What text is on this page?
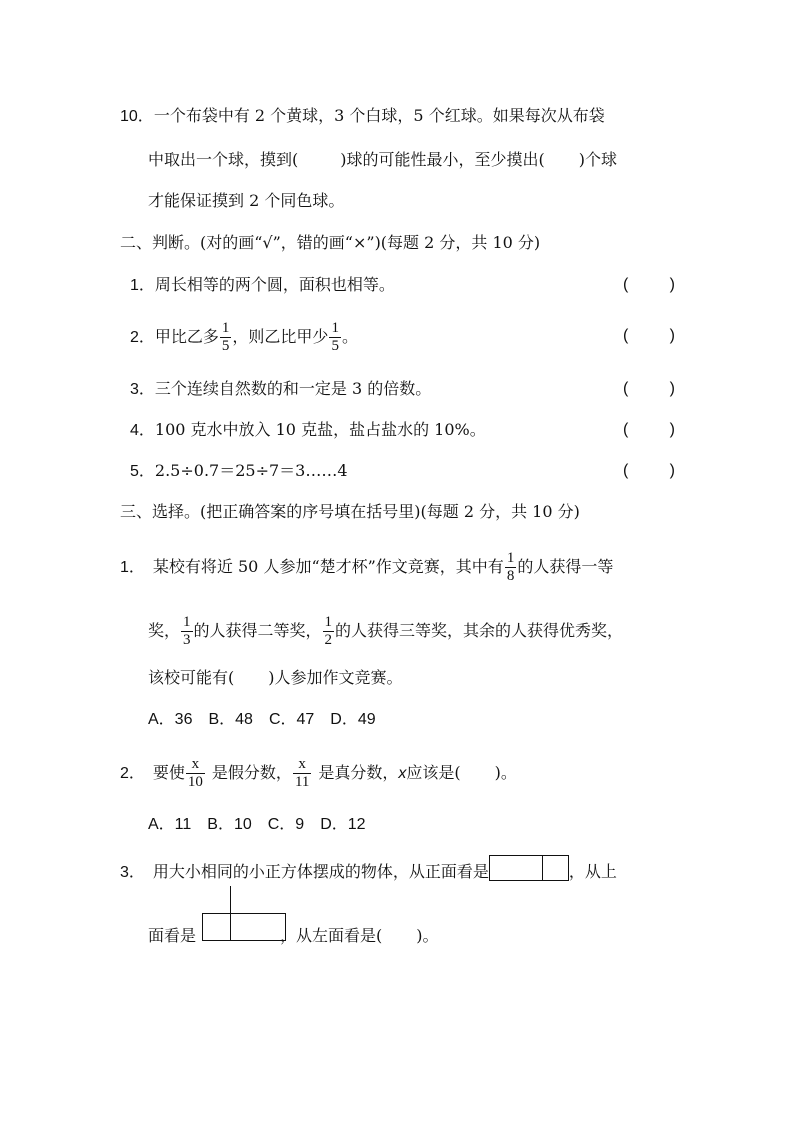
10．一个布袋中有 2 个黄球，3 个白球，5 个红球。如果每次从布袋
中取出一个球，摸到(	)球的可能性最小，至少摸出( )个球
才能保证摸到 2 个同色球。
二、判断。(对的画“√”，错的画“×”)(每题 2 分，共 10 分)
1．周长相等的两个圆，面积也相等。	(	)
2．甲比乙多 $\frac{1}{5}$ ，则乙比甲少 $\frac{1}{5}$ 。	(	)
3．三个连续自然数的和一定是 3 的倍数。	(	)
4．100 克水中放入 10 克盐，盐占盐水的 10%。	(	)
5．2.5÷0.7＝25÷7＝3……4	(	)
三、选择。(把正确答案的序号填在括号里)(每题 2 分，共 10 分)
1． 某校有将近 50 人参加“楚才杯”作文竞赛，其中有 $\frac{1}{8}$ 的人获得一等
奖， $\frac{1}{3}$ 的人获得二等奖， $\frac{1}{2}$ 的人获得三等奖，其余的人获得优秀奖，
该校可能有( )人参加作文竞赛。
A．36　B．48　C．47　D．49
2． 要使 $\frac{x}{10}$ 是假分数， $\frac{x}{11}$ 是真分数，x应该是( )。
A．11　B．10　C．9　D．12
3． 用大小相同的小正方体摆成的物体，从正面看是	，从上
面看是	，从左面看是( )。
